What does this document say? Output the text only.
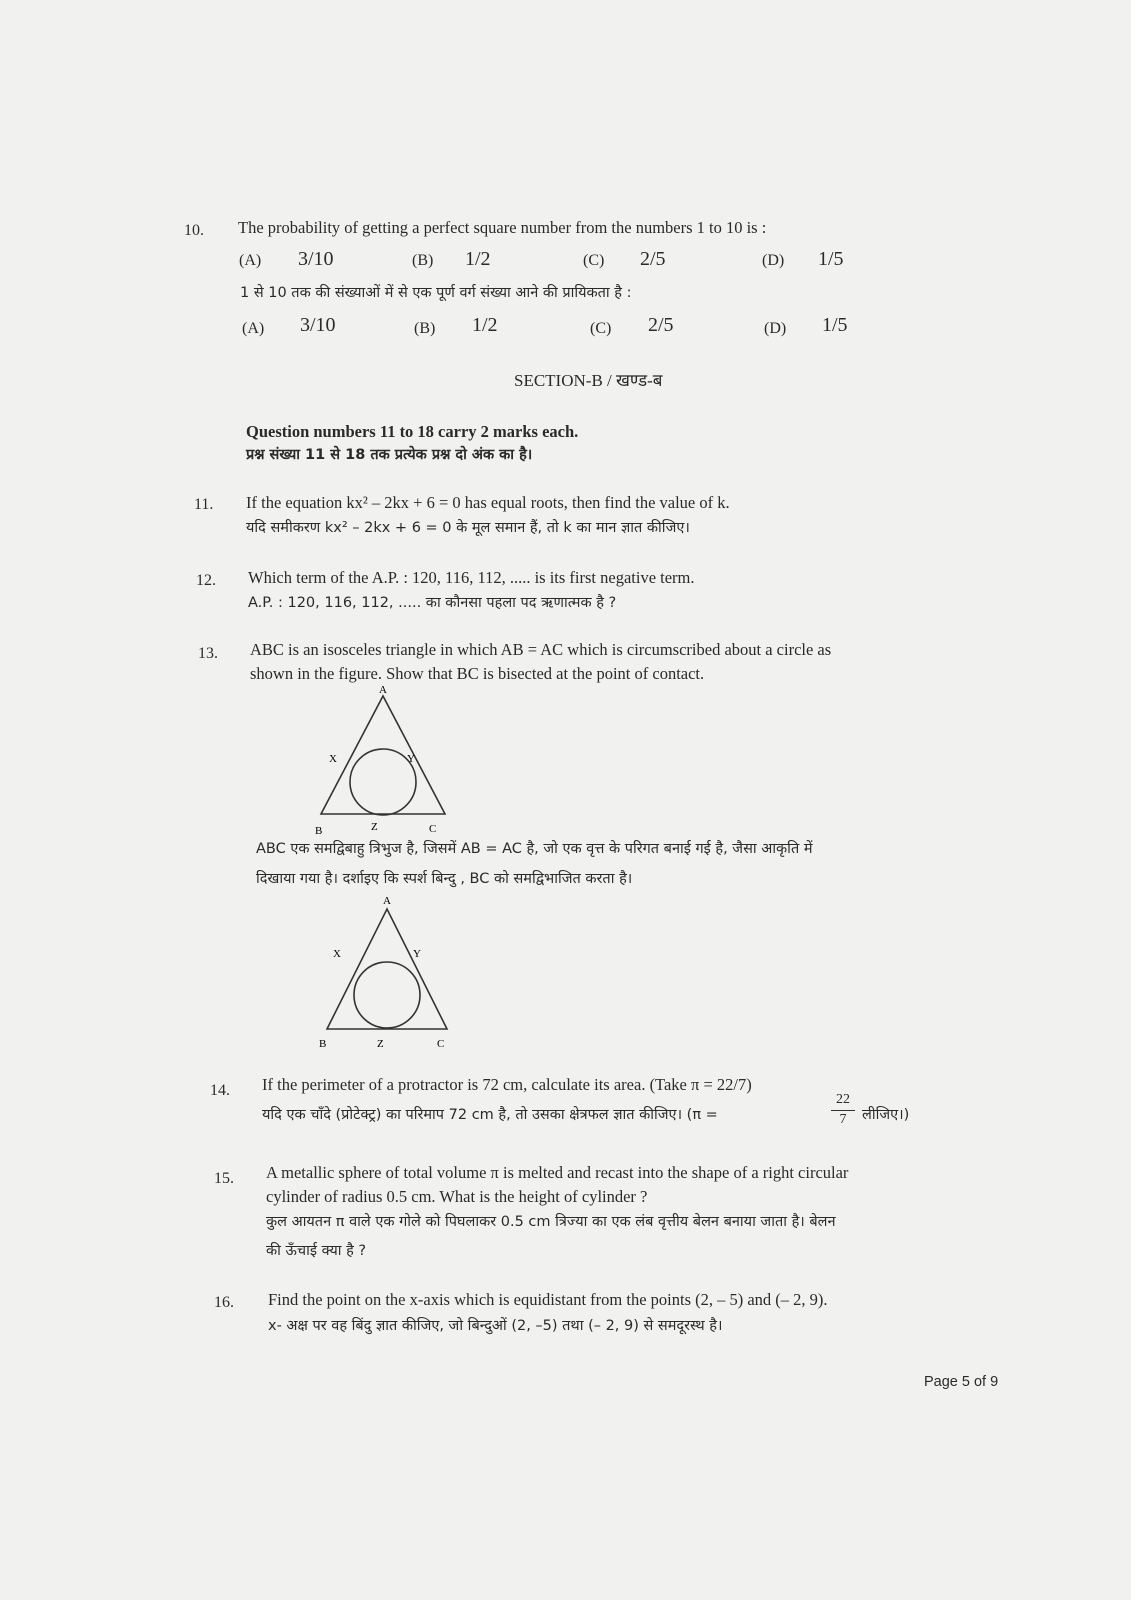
10. The probability of getting a perfect square number from the numbers 1 to 10 is :
(A) 3/10	(B) 1/2	(C) 2/5	(D) 1/5
1 से 10 तक की संख्याओं में से एक पूर्ण वर्ग संख्या आने की प्रायिकता है :
(A) 3/10	(B) 1/2	(C) 2/5	(D) 1/5
SECTION-B / खण्ड-ब
Question numbers 11 to 18 carry 2 marks each.
प्रश्न संख्या 11 से 18 तक प्रत्येक प्रश्न दो अंक का है।
11. If the equation kx² – 2kx + 6 = 0 has equal roots, then find the value of k.
यदि समीकरण kx² – 2kx + 6 = 0 के मूल समान हैं, तो k का मान ज्ञात कीजिए।
12. Which term of the A.P. : 120, 116, 112, ..... is its first negative term.
A.P. : 120, 116, 112, ..... का कौनसा पहला पद ऋणात्मक है ?
13. ABC is an isosceles triangle in which AB = AC which is circumscribed about a circle as
shown in the figure. Show that BC is bisected at the point of contact.
A
B	C
X	Y
Z
ABC एक समद्विबाहु त्रिभुज है, जिसमें AB = AC है, जो एक वृत्त के परिगत बनाई गई है, जैसा आकृति में
दिखाया गया है। दर्शाइए कि स्पर्श बिन्दु , BC को समद्विभाजित करता है।
A
B	C
X	Y
Z
14. If the perimeter of a protractor is 72 cm, calculate its area. (Take π = 22/7)
यदि एक चाँदे (प्रोटेक्ट्र) का परिमाप 72 cm है, तो उसका क्षेत्रफल ज्ञात कीजिए। (π =
22
7	लीजिए।)
15. A metallic sphere of total volume π is melted and recast into the shape of a right circular
cylinder of radius 0.5 cm. What is the height of cylinder ?
कुल आयतन π वाले एक गोले को पिघलाकर 0.5 cm त्रिज्या का एक लंब वृत्तीय बेलन बनाया जाता है। बेलन
की ऊँचाई क्या है ?
16. Find the point on the x-axis which is equidistant from the points (2, – 5) and (– 2, 9).
x- अक्ष पर वह बिंदु ज्ञात कीजिए, जो बिन्दुओं (2, –5) तथा (– 2, 9) से समदूरस्थ है।
Page 5 of 9
